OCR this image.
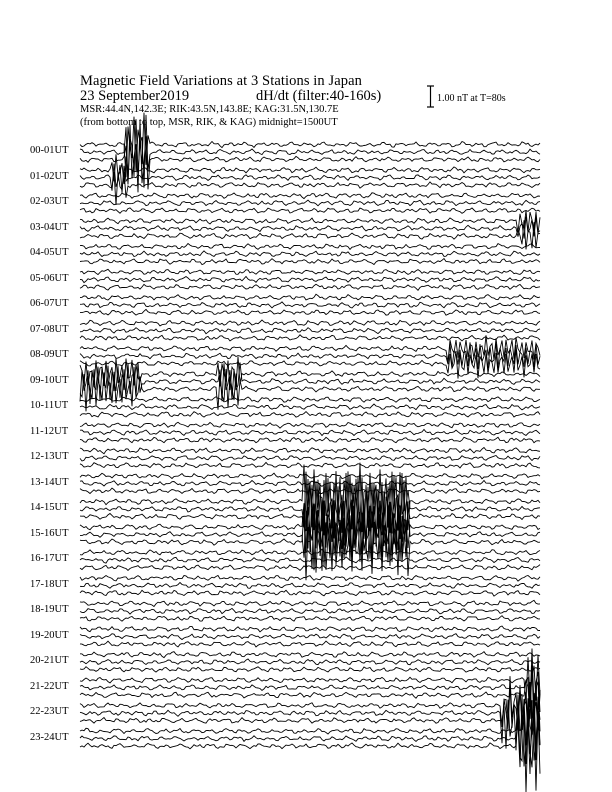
Magnetic Field Variations at 3 Stations in Japan
23 September2019	dH/dt (filter:40-160s)
MSR:44.4N,142.3E; RIK:43.5N,143.8E; KAG:31.5N,130.7E
(from bottom to top, MSR, RIK, & KAG) midnight=1500UT
1.00 nT at T=80s
00-01UT
01-02UT
02-03UT
03-04UT
04-05UT
05-06UT
06-07UT
07-08UT
08-09UT
09-10UT
10-11UT
11-12UT
12-13UT
13-14UT
14-15UT
15-16UT
16-17UT
17-18UT
18-19UT
19-20UT
20-21UT
21-22UT
22-23UT
23-24UT
